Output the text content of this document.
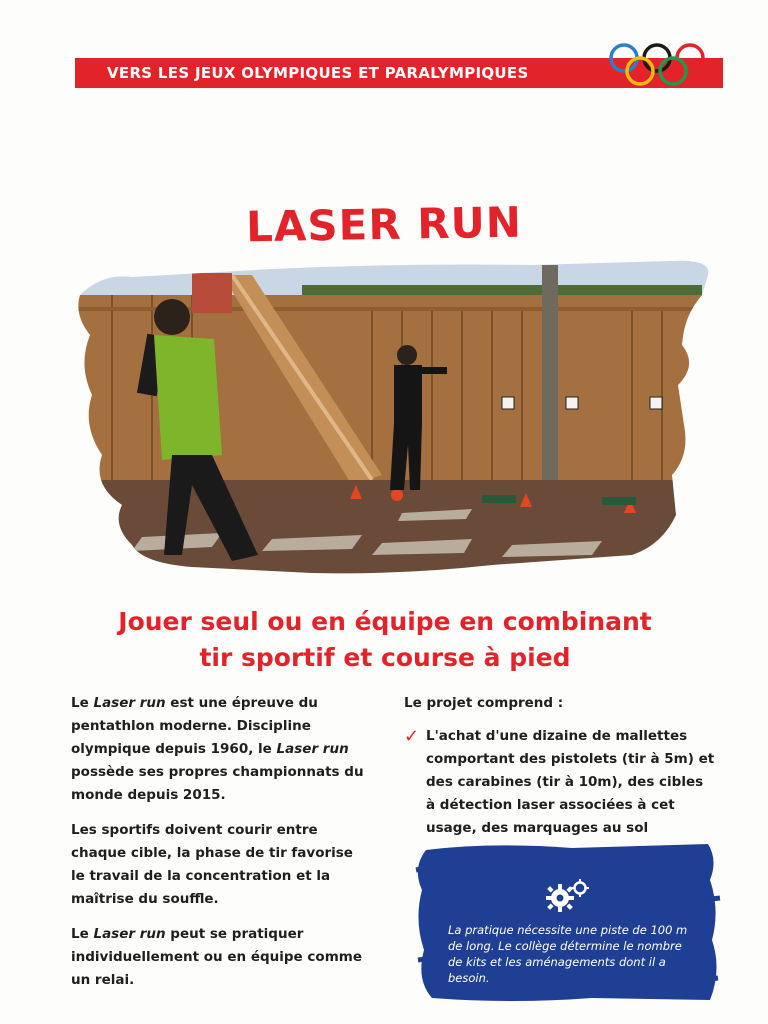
VERS LES JEUX OLYMPIQUES ET PARALYMPIQUES
LASER RUN
Jouer seul ou en équipe en combinant
tir sportif et course à pied

Le Laser run est une épreuve du pentathlon moderne. Discipline olympique depuis 1960, le Laser run possède ses propres championnats du monde depuis 2015.

Les sportifs doivent courir entre chaque cible, la phase de tir favorise le travail de la concentration et la maîtrise du souffle.

Le Laser run peut se pratiquer individuellement ou en équipe comme un relai.

Le projet comprend :

✓ L'achat d'une dizaine de mallettes comportant des pistolets (tir à 5m) et des carabines (tir à 10m), des cibles à détection laser associées à cet usage, des marquages au sol
La pratique nécessite une piste de 100 m de long. Le collège détermine le nombre de kits et les aménagements dont il a besoin.
